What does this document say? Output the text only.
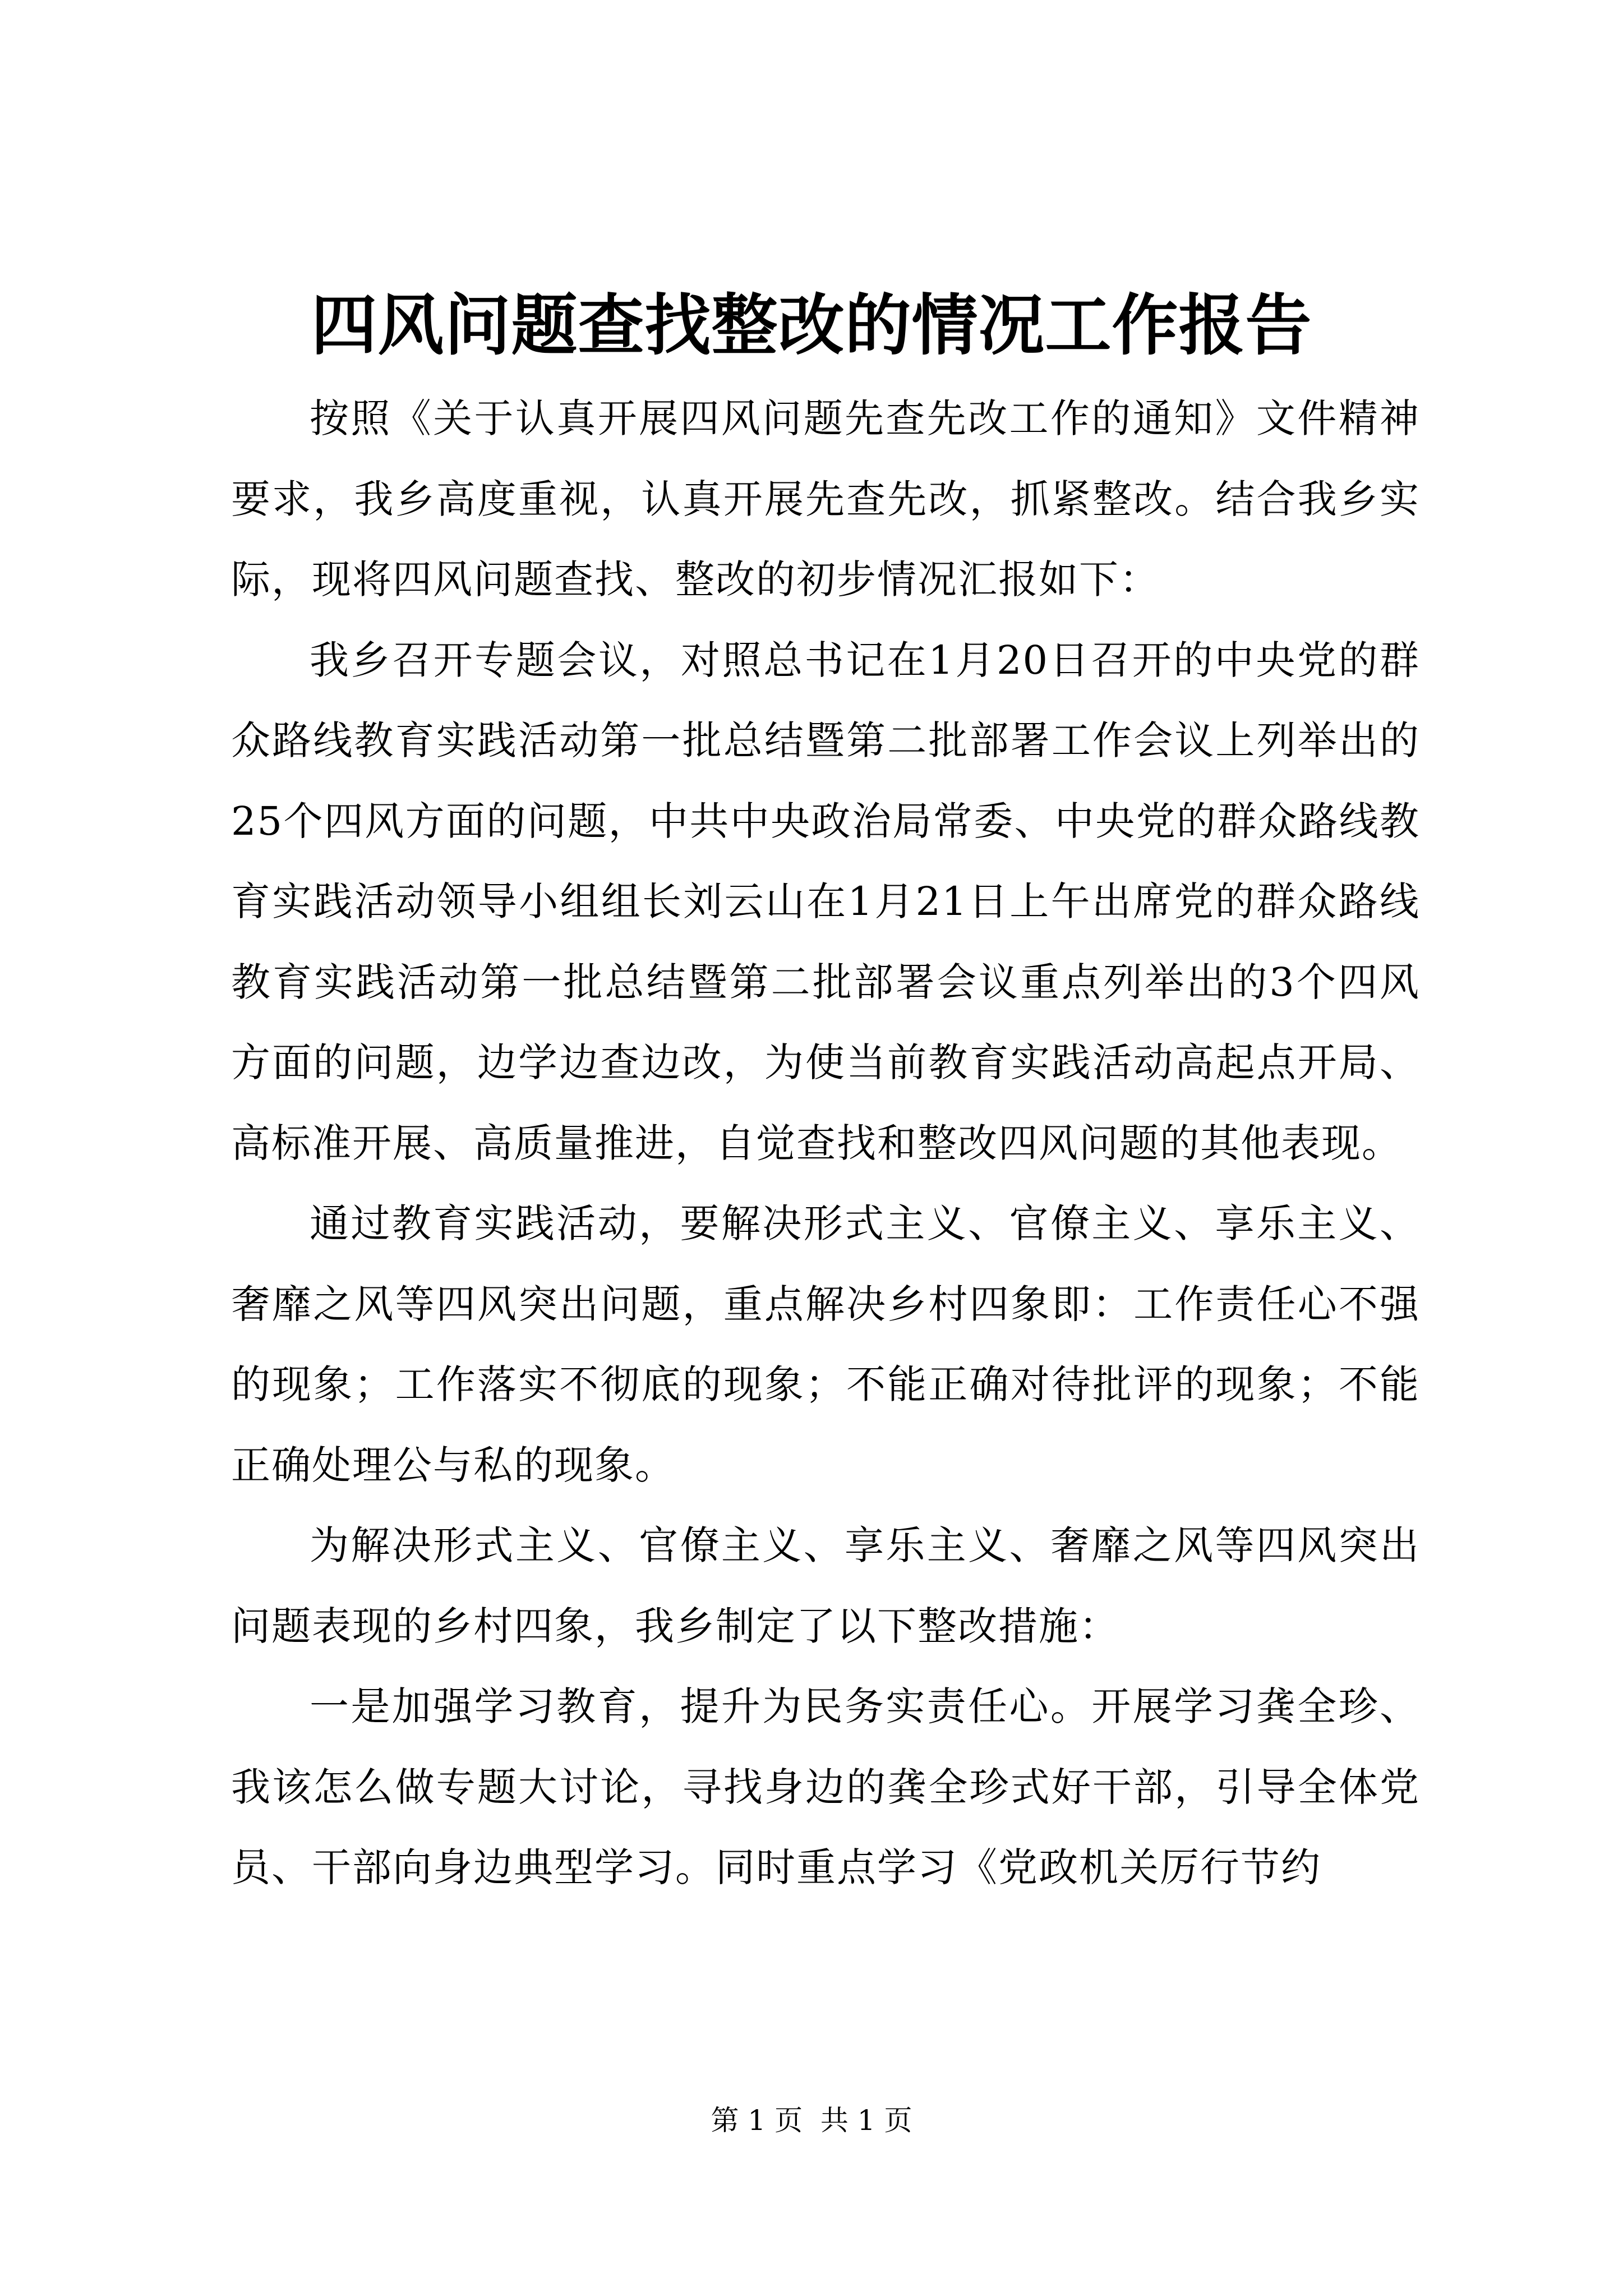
四风问题查找整改的情况工作报告

按照《关于认真开展四风问题先查先改工作的通知》文件精神要求，我乡高度重视，认真开展先查先改，抓紧整改。结合我乡实际，现将四风问题查找、整改的初步情况汇报如下：

我乡召开专题会议，对照总书记在1月20日召开的中央党的群众路线教育实践活动第一批总结暨第二批部署工作会议上列举出的25个四风方面的问题，中共中央政治局常委、中央党的群众路线教育实践活动领导小组组长刘云山在1月21日上午出席党的群众路线教育实践活动第一批总结暨第二批部署会议重点列举出的3个四风方面的问题，边学边查边改，为使当前教育实践活动高起点开局、高标准开展、高质量推进，自觉查找和整改四风问题的其他表现。

通过教育实践活动，要解决形式主义、官僚主义、享乐主义、奢靡之风等四风突出问题，重点解决乡村四象即：工作责任心不强的现象；工作落实不彻底的现象；不能正确对待批评的现象；不能正确处理公与私的现象。

为解决形式主义、官僚主义、享乐主义、奢靡之风等四风突出问题表现的乡村四象，我乡制定了以下整改措施：

一是加强学习教育，提升为民务实责任心。开展学习龚全珍、我该怎么做专题大讨论，寻找身边的龚全珍式好干部，引导全体党员、干部向身边典型学习。同时重点学习《党政机关厉行节约

第 1 页  共 1 页
